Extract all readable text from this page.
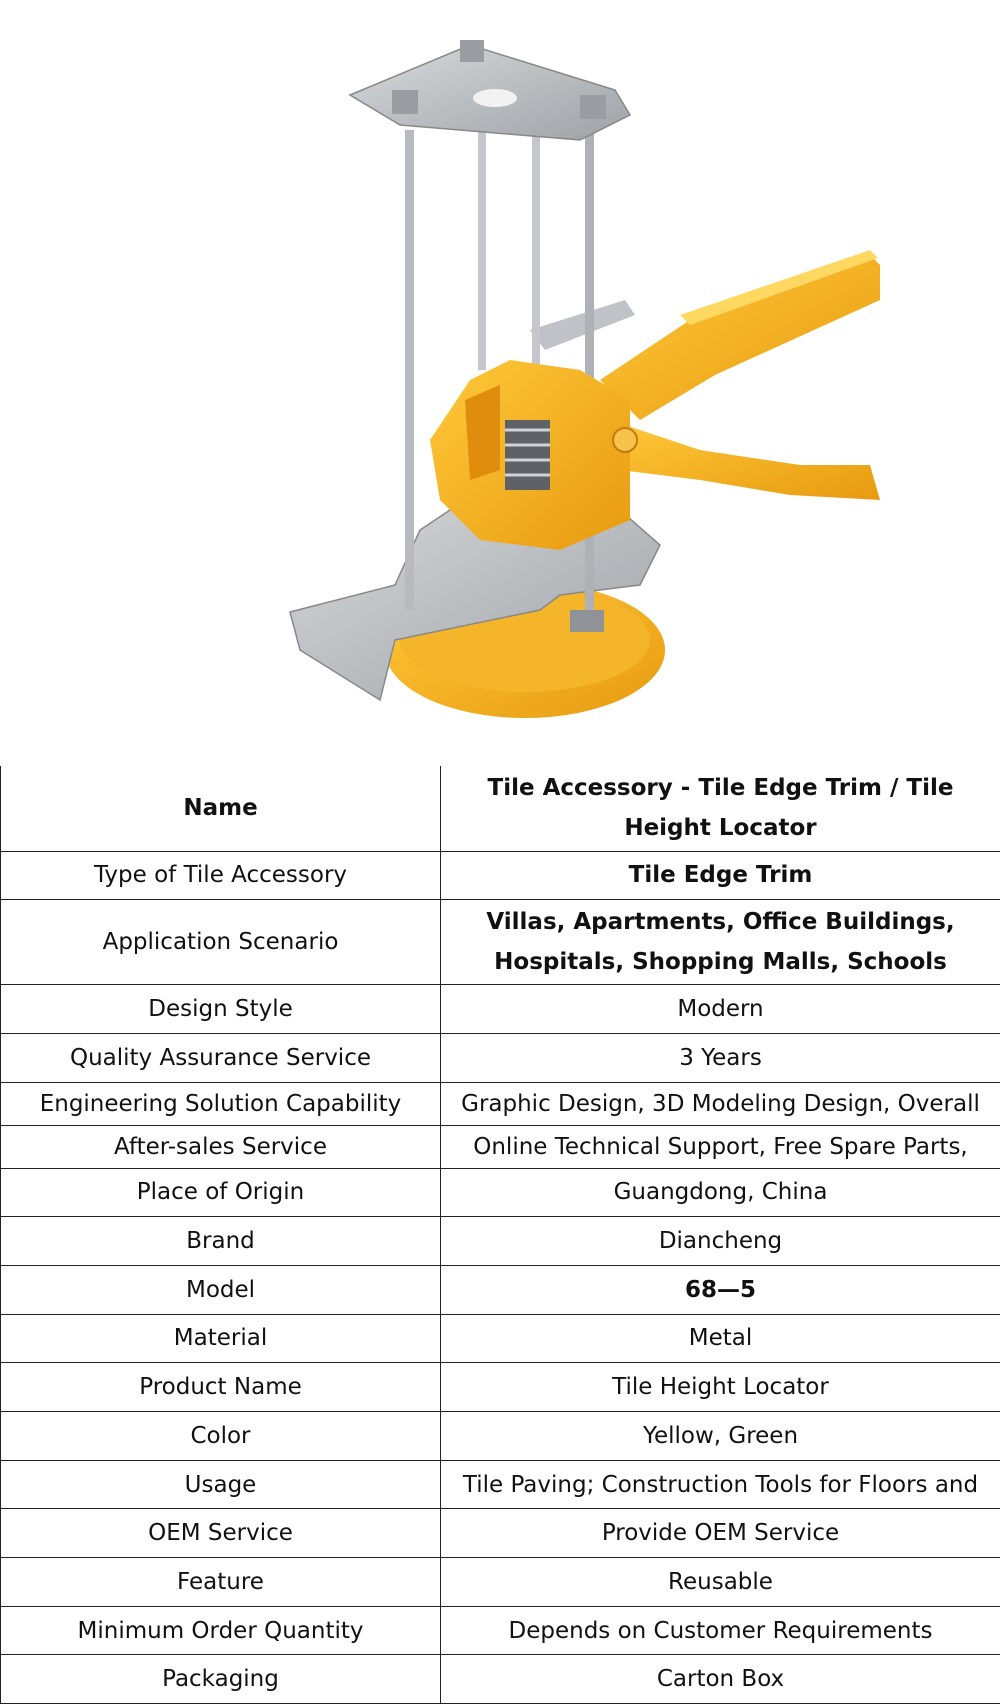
Name	Tile Accessory - Tile Edge Trim / Tile Height Locator
Type of Tile Accessory	Tile Edge Trim
Application Scenario	Villas, Apartments, Office Buildings, Hospitals, Shopping Malls, Schools
Design Style	Modern
Quality Assurance Service	3 Years
Engineering Solution Capability	Graphic Design, 3D Modeling Design, Overall
After-sales Service	Online Technical Support, Free Spare Parts,
Place of Origin	Guangdong, China
Brand	Diancheng
Model	68—5
Material	Metal
Product Name	Tile Height Locator
Color	Yellow, Green
Usage	Tile Paving; Construction Tools for Floors and
OEM Service	Provide OEM Service
Feature	Reusable
Minimum Order Quantity	Depends on Customer Requirements
Packaging	Carton Box
